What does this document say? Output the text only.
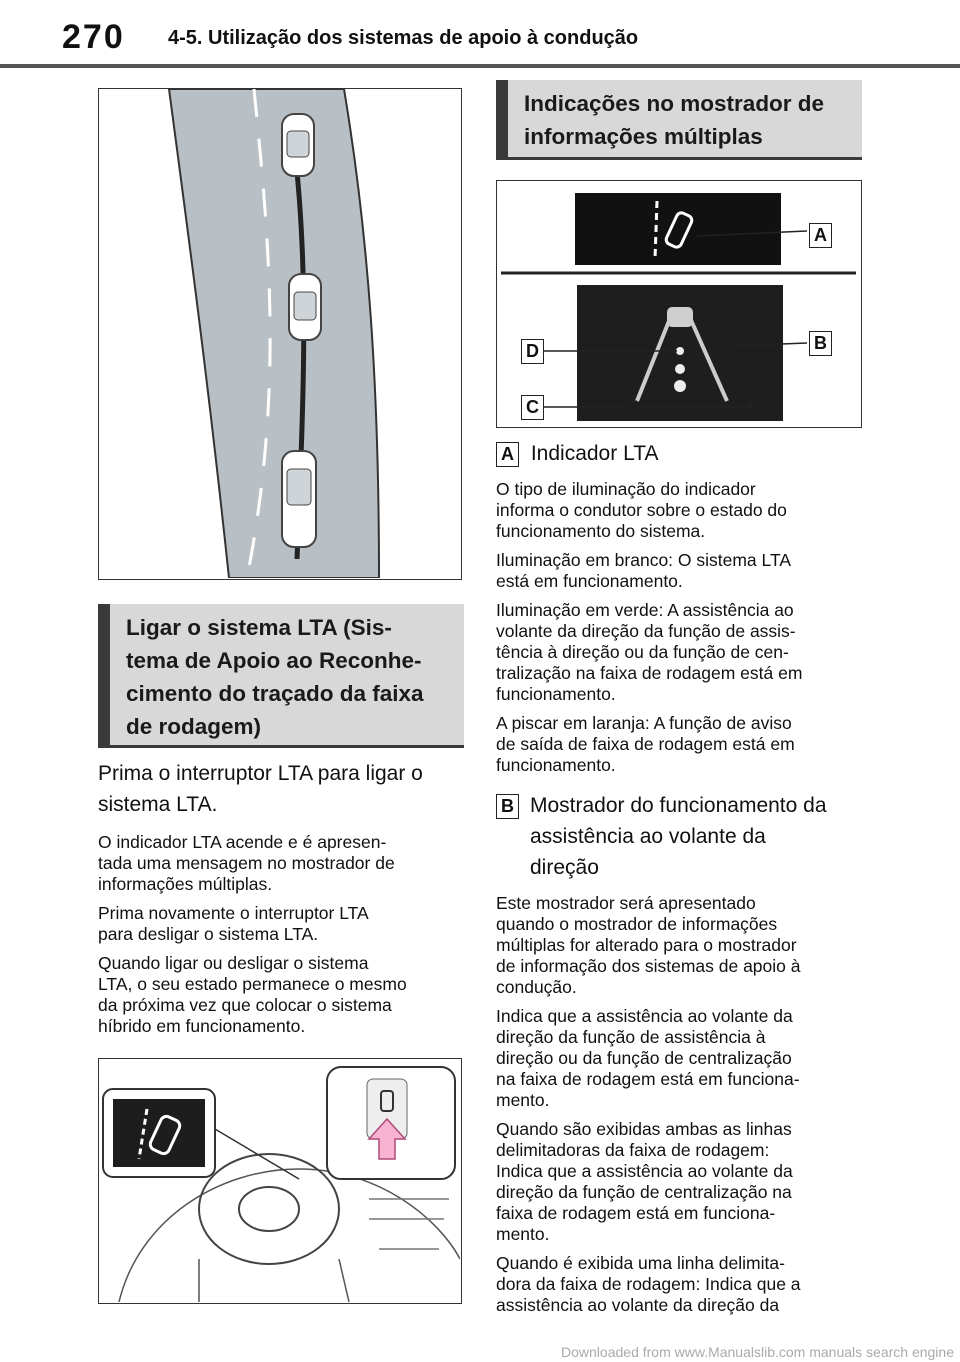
270 4-5. Utilização dos sistemas de apoio à condução
Ligar o sistema LTA (Sis-
tema de Apoio ao Reconhe-
cimento do traçado da faixa
de rodagem)
Prima o interruptor LTA para ligar o
sistema LTA.
O indicador LTA acende e é apresen-
tada uma mensagem no mostrador de
informações múltiplas.
Prima novamente o interruptor LTA
para desligar o sistema LTA.
Quando ligar ou desligar o sistema
LTA, o seu estado permanece o mesmo
da próxima vez que colocar o sistema
híbrido em funcionamento.
Indicações no mostrador de
informações múltiplas
A
B
D
C
A Indicador LTA
O tipo de iluminação do indicador
informa o condutor sobre o estado do
funcionamento do sistema.
Iluminação em branco: O sistema LTA
está em funcionamento.
Iluminação em verde: A assistência ao
volante da direção da função de assis-
tência à direção ou da função de cen-
tralização na faixa de rodagem está em
funcionamento.
A piscar em laranja: A função de aviso
de saída de faixa de rodagem está em
funcionamento.
B Mostrador do funcionamento da
assistência ao volante da
direção
Este mostrador será apresentado
quando o mostrador de informações
múltiplas for alterado para o mostrador
de informação dos sistemas de apoio à
condução.
Indica que a assistência ao volante da
direção da função de assistência à
direção ou da função de centralização
na faixa de rodagem está em funciona-
mento.
Quando são exibidas ambas as linhas
delimitadoras da faixa de rodagem:
Indica que a assistência ao volante da
direção da função de centralização na
faixa de rodagem está em funciona-
mento.
Quando é exibida uma linha delimita-
dora da faixa de rodagem: Indica que a
assistência ao volante da direção da
Downloaded from www.Manualslib.com manuals search engine
